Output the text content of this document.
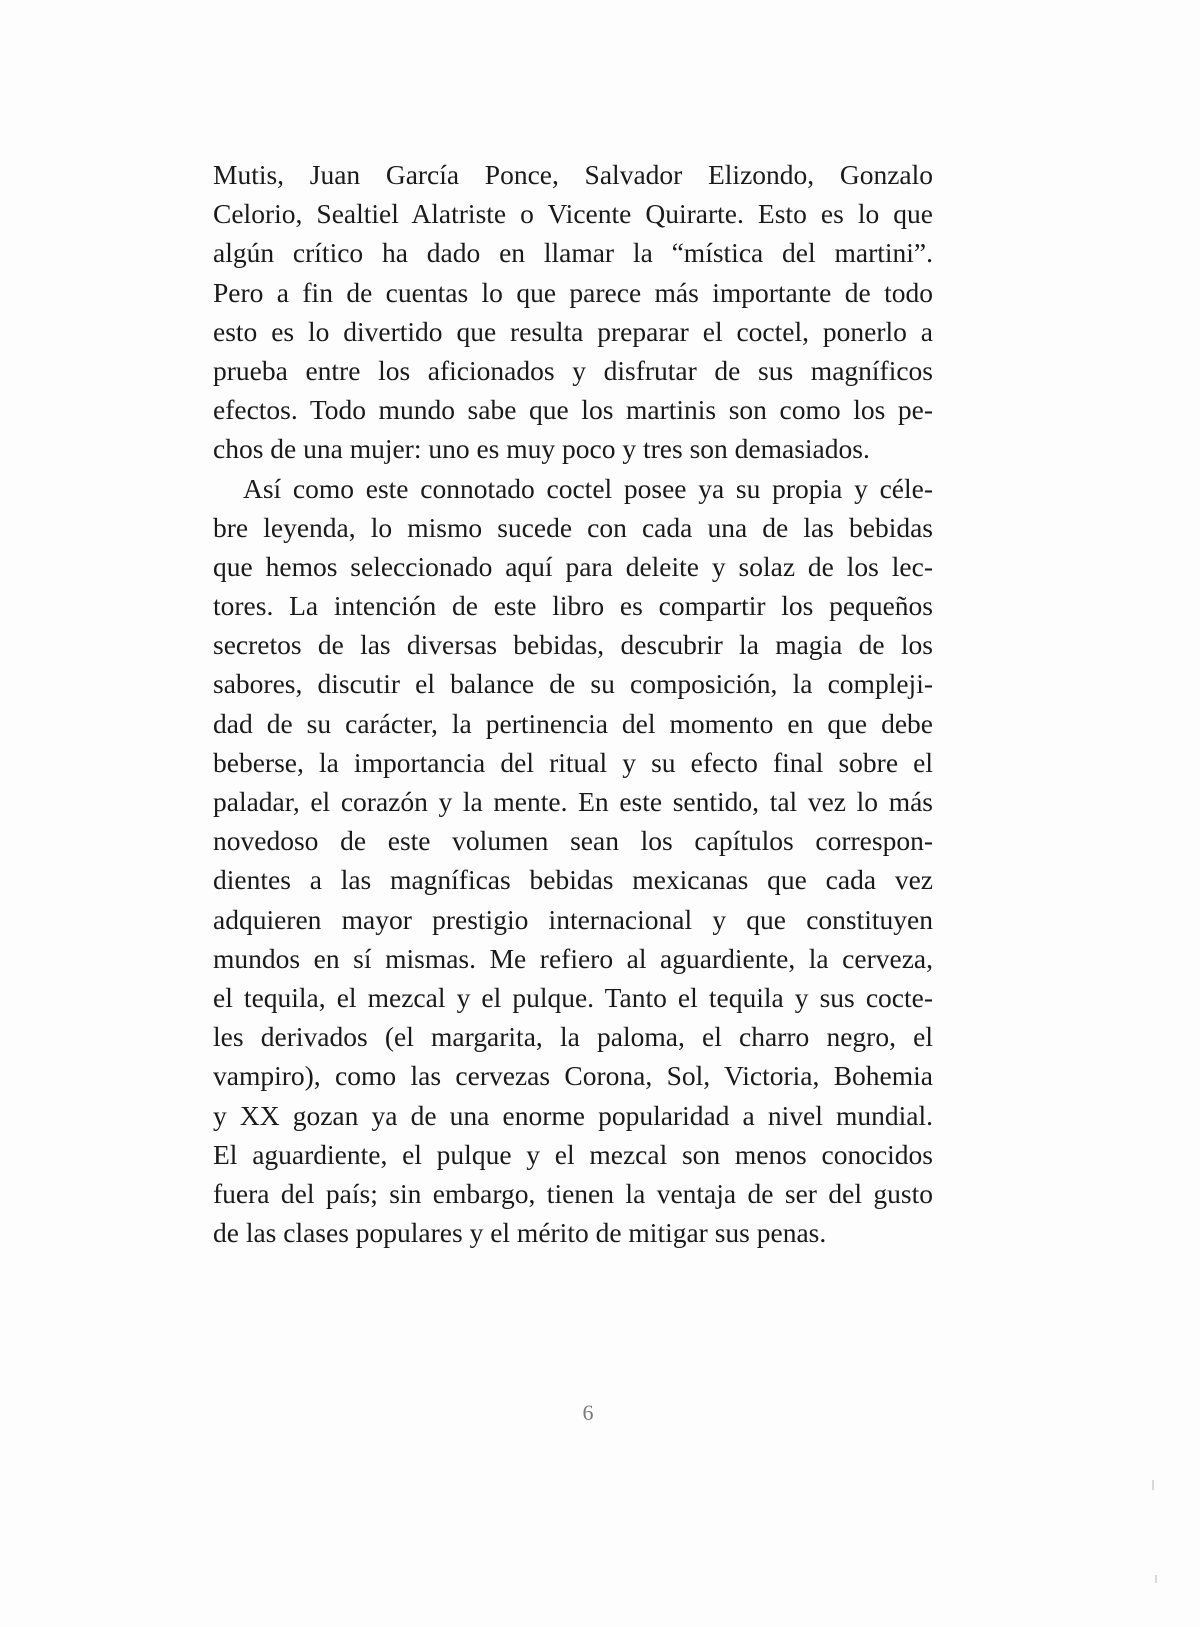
Mutis, Juan García Ponce, Salvador Elizondo, Gonzalo
Celorio, Sealtiel Alatriste o Vicente Quirarte. Esto es lo que
algún crítico ha dado en llamar la “mística del martini”.
Pero a fin de cuentas lo que parece más importante de todo
esto es lo divertido que resulta preparar el coctel, ponerlo a
prueba entre los aficionados y disfrutar de sus magníficos
efectos. Todo mundo sabe que los martinis son como los pe-
chos de una mujer: uno es muy poco y tres son demasiados.
Así como este connotado coctel posee ya su propia y céle-
bre leyenda, lo mismo sucede con cada una de las bebidas
que hemos seleccionado aquí para deleite y solaz de los lec-
tores. La intención de este libro es compartir los pequeños
secretos de las diversas bebidas, descubrir la magia de los
sabores, discutir el balance de su composición, la compleji-
dad de su carácter, la pertinencia del momento en que debe
beberse, la importancia del ritual y su efecto final sobre el
paladar, el corazón y la mente. En este sentido, tal vez lo más
novedoso de este volumen sean los capítulos correspon-
dientes a las magníficas bebidas mexicanas que cada vez
adquieren mayor prestigio internacional y que constituyen
mundos en sí mismas. Me refiero al aguardiente, la cerveza,
el tequila, el mezcal y el pulque. Tanto el tequila y sus cocte-
les derivados (el margarita, la paloma, el charro negro, el
vampiro), como las cervezas Corona, Sol, Victoria, Bohemia
y XX gozan ya de una enorme popularidad a nivel mundial.
El aguardiente, el pulque y el mezcal son menos conocidos
fuera del país; sin embargo, tienen la ventaja de ser del gusto
de las clases populares y el mérito de mitigar sus penas.
6
